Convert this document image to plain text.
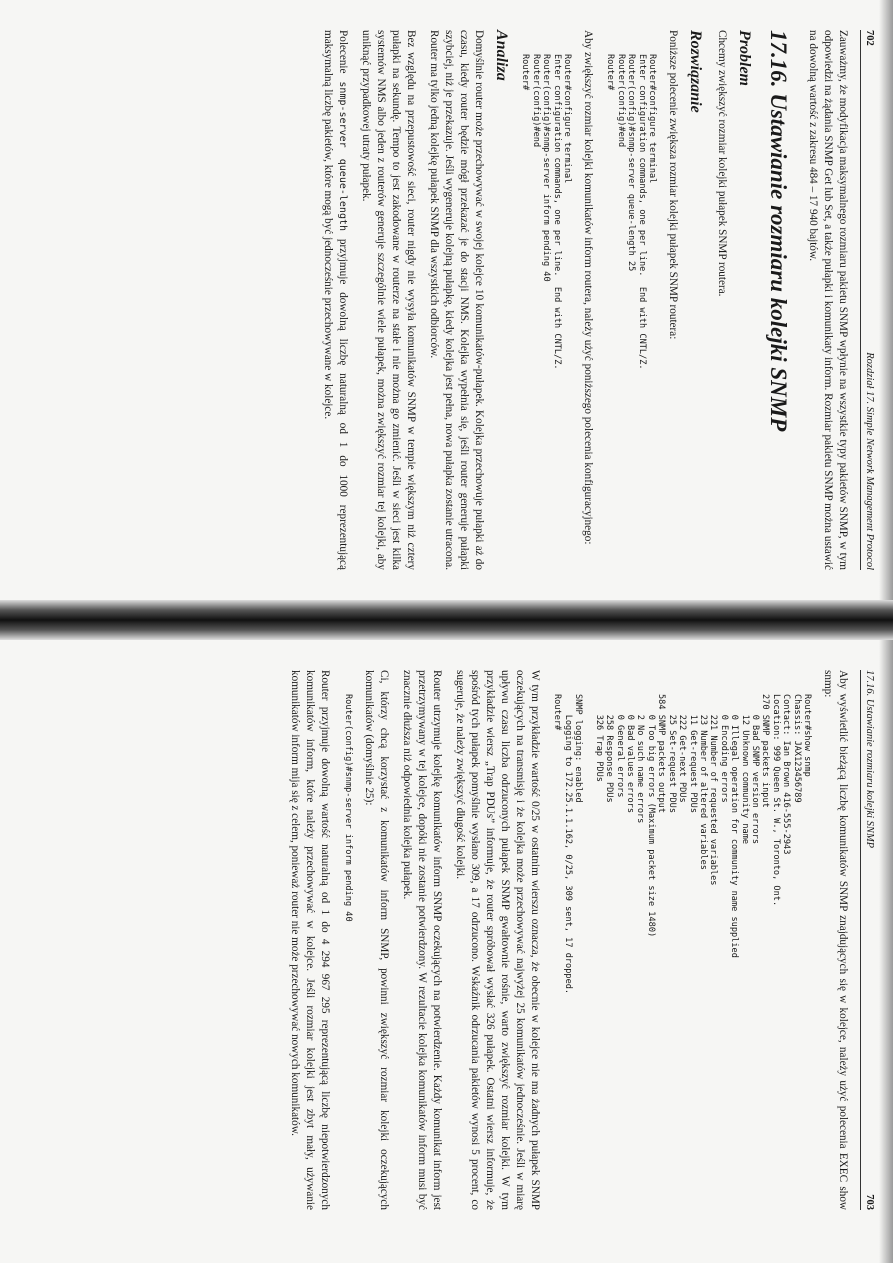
702
Rozdział 17. Simple Network Management Protocol

Zauważmy, że modyfikacja maksymalnego rozmiaru pakietu SNMP wpłynie na wszystkie typy pakietów SNMP, w tym odpowiedzi na żądania SNMP Get lub Set, a także pułapki i komunikaty inform. Rozmiar pakietu SNMP można ustawić na dowolną wartość z zakresu 484 – 17 940 bajtów.

17.16. Ustawianie rozmiaru kolejki SNMP
Problem

Chcemy zwiększyć rozmiar kolejki pułapek SNMP routera.

Rozwiązanie

Poniższe polecenie zwiększa rozmiar kolejki pułapek SNMP routera:

Router#configure terminal
Enter configuration commands, one per line.  End with CNTL/Z.
Router(config)#snmp-server queue-length 25
Router(config)#end
Router#

Aby zwiększyć rozmiar kolejki komunikatów inform routera, należy użyć poniższego polecenia konfiguracyjnego:

Router#configure terminal
Enter configuration commands, one per line.  End with CNTL/Z.
Router(config)#snmp-server inform pending 40
Router(config)#end
Router#
Analiza

Domyślnie router może przechowywać w swojej kolejce 10 komunikatów-pułapek. Kolejka przechowuje pułapki aż do czasu, kiedy router będzie mógł przekazać je do stacji NMS. Kolejka wypełnia się, jeśli router generuje pułapki szybciej, niż je przekazuje. Jeśli wygeneruje kolejną pułapkę, kiedy kolejka jest pełna, nowa pułapka zostanie utracona. Router ma tylko jedną kolejkę pułapek SNMP dla wszystkich odbiorców.

Bez względu na przepustowość sieci, router nigdy nie wysyła komunikatów SNMP w tempie większym niż cztery pułapki na sekundę. Tempo to jest zakodowane w routerze na stałe i nie można go zmienić. Jeśli w sieci jest kilka systemów NMS albo jeden z routerów generuje szczególnie wiele pułapek, można zwiększyć rozmiar tej kolejki, aby uniknąć przypadkowej utraty pułapek.

Polecenie snmp-server queue-length przyjmuje dowolną liczbę naturalną od 1 do 1000 reprezentującą maksymalną liczbę pakietów, które mogą być jednocześnie przechowywane w kolejce.

17.16. Ustawianie rozmiaru kolejki SNMP
703

Aby wyświetlić bieżącą liczbę komunikatów SNMP znajdujących się w kolejce, należy użyć polecenia EXEC show snmp:

Router#show snmp
Chassis: JAX123456789
Contact: Ian Brown 416-555-2943
Location: 999 Queen St. W., Toronto, Ont.
270 SNMP packets input
0 Bad SNMP version errors
12 Unknown community name
0 Illegal operation for community name supplied
0 Encoding errors
221 Number of requested variables
23 Number of altered variables
11 Get-request PDUs
222 Get-next PDUs
25 Set-request PDUs
584 SNMP packets output
0 Too big errors (Maximum packet size 1480)
2 No such name errors
0 Bad values errors
0 General errors
258 Response PDUs
326 Trap PDUs

SNMP logging: enabled
Logging to 172.25.1.1.162, 0/25, 309 sent, 17 dropped.
Router#

W tym przykładzie wartość 0/25 w ostatnim wierszu oznacza, że obecnie w kolejce nie ma żadnych pułapek SNMP oczekujących na transmisję i że kolejka może przechowywać najwyżej 25 komunikatów jednocześnie. Jeśli w miarę upływu czasu liczba odrzuconych pułapek SNMP gwałtownie rośnie, warto zwiększyć rozmiar kolejki. W tym przykładzie wiersz „Trap PDUs” informuje, że router spróbował wysłać 326 pułapek. Ostatni wiersz informuje, że spośród tych pułapek pomyślnie wysłano 309, a 17 odrzucono. Wskaźnik odrzucania pakietów wynosi 5 procent, co sugeruje, że należy zwiększyć długość kolejki.

Router utrzymuje kolejkę komunikatów inform SNMP oczekujących na potwierdzenie. Każdy komunikat inform jest przetrzymywany w tej kolejce, dopóki nie zostanie potwierdzony. W rezultacie kolejka komunikatów inform musi być znacznie dłuższa niż odpowiednia kolejka pułapek.

Ci, którzy chcą korzystać z komunikatów inform SNMP, powinni zwiększyć rozmiar kolejki oczekujących komunikatów (domyślnie 25):

Router(config)#snmp-server inform pending 40

Router przyjmuje dowolną wartość naturalną od 1 do 4 294 967 295 reprezentującą liczbę niepotwierdzonych komunikatów inform, które należy przechowywać w kolejce. Jeśli rozmiar kolejki jest zbyt mały, używanie komunikatów inform mija się z celem, ponieważ router nie może przechowywać nowych komunikatów.
